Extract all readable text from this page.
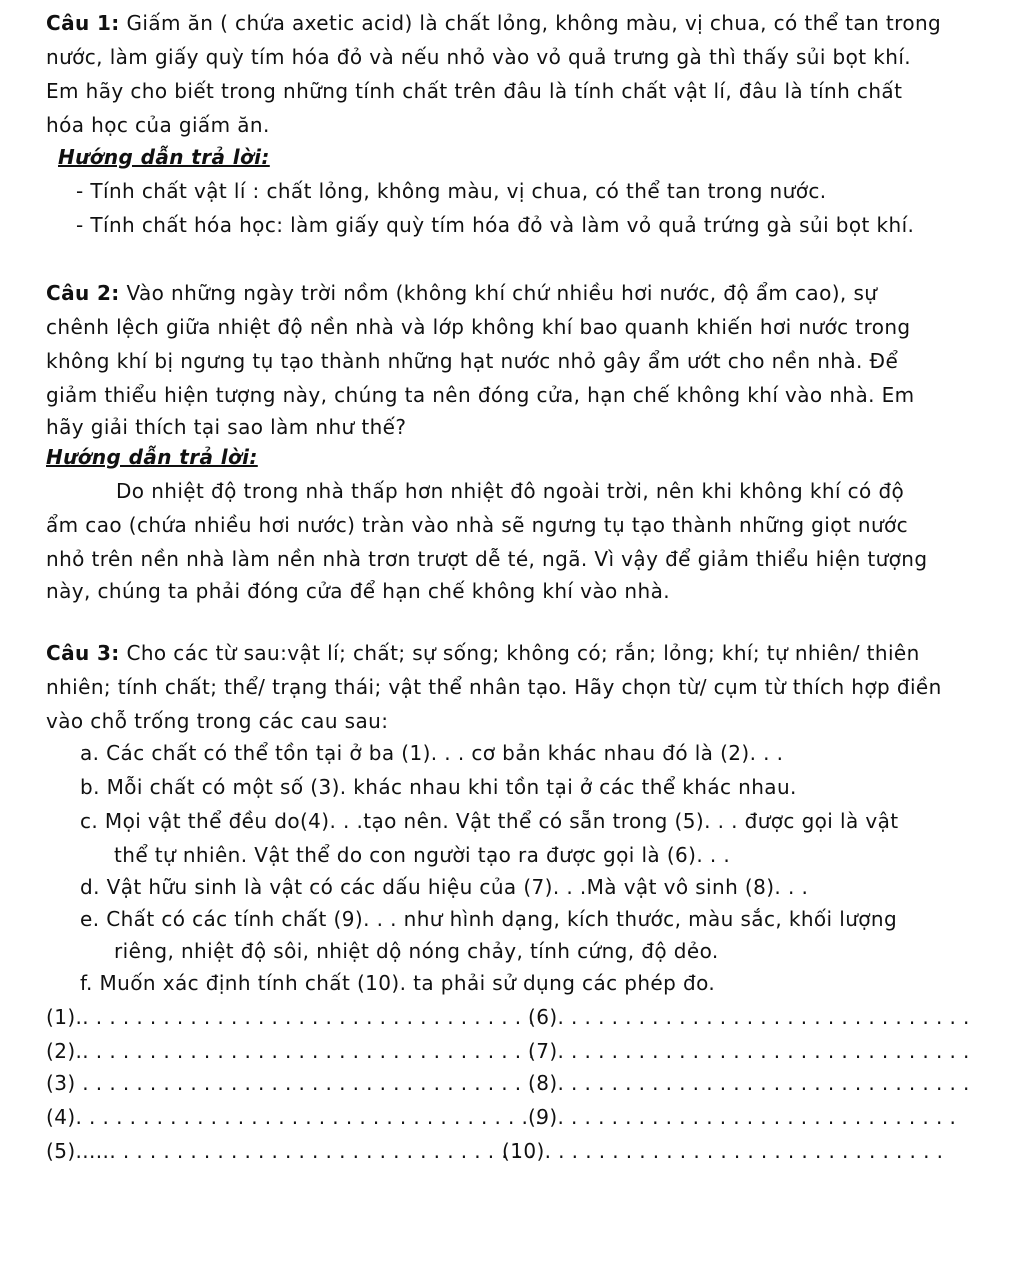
Câu 1: Giấm ăn ( chứa axetic acid) là chất lỏng, không màu, vị chua, có thể tan trong
nước, làm giấy quỳ tím hóa đỏ và nếu nhỏ vào vỏ quả trưng gà thì thấy sủi bọt khí.
Em hãy cho biết trong những tính chất trên đâu là tính chất vật lí, đâu là tính chất
hóa học của giấm ăn.
Hướng dẫn trả lời:
- Tính chất vật lí : chất lỏng, không màu, vị chua, có thể tan trong nước.
- Tính chất hóa học: làm giấy quỳ tím hóa đỏ và làm vỏ quả trứng gà sủi bọt khí.
Câu 2: Vào những ngày trời nồm (không khí chứ nhiều hơi nước, độ ẩm cao), sự
chênh lệch giữa nhiệt độ nền nhà và lớp không khí bao quanh khiến hơi nước trong
không khí bị ngưng tụ tạo thành những hạt nước nhỏ gây ẩm ướt cho nền nhà. Để
giảm thiểu hiện tượng này, chúng ta nên đóng cửa, hạn chế không khí vào nhà. Em
hãy giải thích tại sao làm như thế?
Hướng dẫn trả lời:
Do nhiệt độ trong nhà thấp hơn nhiệt đô ngoài trời, nên khi không khí có độ
ẩm cao (chứa nhiều hơi nước) tràn vào nhà sẽ ngưng tụ tạo thành những giọt nước
nhỏ trên nền nhà làm nền nhà trơn trượt dễ té, ngã. Vì vậy để giảm thiểu hiện tượng
này, chúng ta phải đóng cửa để hạn chế không khí vào nhà.
Câu 3: Cho các từ sau:vật lí; chất; sự sống; không có; rắn; lỏng; khí; tự nhiên/ thiên
nhiên; tính chất; thể/ trạng thái; vật thể nhân tạo. Hãy chọn từ/ cụm từ thích hợp điền
vào chỗ trống trong các cau sau:
a. Các chất có thể tồn tại ở ba (1). . . cơ bản khác nhau đó là (2). . .
b. Mỗi chất có một số (3). khác nhau khi tồn tại ở các thể khác nhau.
c. Mọi vật thể đều do(4). . .tạo nên. Vật thể có sẵn trong (5). . . được gọi là vật
thể tự nhiên. Vật thể do con người tạo ra được gọi là (6). . .
d. Vật hữu sinh là vật có các dấu hiệu của (7). . .Mà vật vô sinh (8). . .
e. Chất có các tính chất (9). . . như hình dạng, kích thước, màu sắc, khối lượng
riêng, nhiệt độ sôi, nhiệt dộ nóng chảy, tính cứng, độ dẻo.
f. Muốn xác định tính chất (10). ta phải sử dụng các phép đo.
(1).. . . . . . . . . . . . . . . . . . . . . . . . . . . . . . . . . .
(2).. . . . . . . . . . . . . . . . . . . . . . . . . . . . . . . . . .
(3) . . . . . . . . . . . . . . . . . . . . . . . . . . . . . . . . . .
(4). . . . . . . . . . . . . . . . . . . . . . . . . . . . . . . . . . .
(5)...... . . . . . . . . . . . . . . . . . . . . . . . . . . . . . . .
(6). . . . . . . . . . . . . . . . . . . . . . . . . . . . . . .
(7). . . . . . . . . . . . . . . . . . . . . . . . . . . . . . .
(8). . . . . . . . . . . . . . . . . . . . . . . . . . . . . . .
(9). . . . . . . . . . . . . . . . . . . . . . . . . . . . . .
(10). . . . . . . . . . . . . . . . . . . . . . . . . . . . . .
